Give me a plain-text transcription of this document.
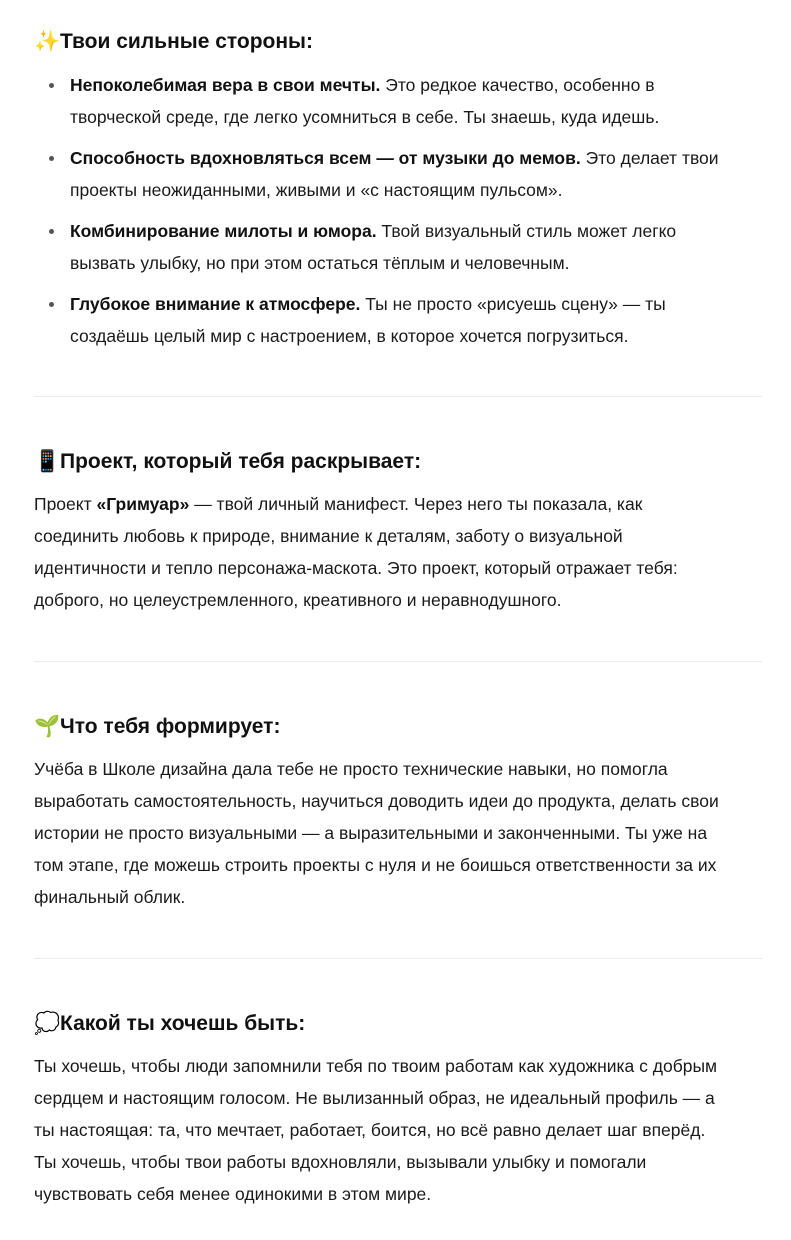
✨Твои сильные стороны:
Непоколебимая вера в свои мечты. Это редкое качество, особенно в
творческой среде, где легко усомниться в себе. Ты знаешь, куда идешь.
Способность вдохновляться всем — от музыки до мемов. Это делает твои
проекты неожиданными, живыми и «с настоящим пульсом».
Комбинирование милоты и юмора. Твой визуальный стиль может легко
вызвать улыбку, но при этом остаться тёплым и человечным.
Глубокое внимание к атмосфере. Ты не просто «рисуешь сцену» — ты
создаёшь целый мир с настроением, в которое хочется погрузиться.
📱Проект, который тебя раскрывает:

Проект «Гримуар» — твой личный манифест. Через него ты показала, как

соединить любовь к природе, внимание к деталям, заботу о визуальной

идентичности и тепло персонажа-маскота. Это проект, который отражает тебя:

доброго, но целеустремленного, креативного и неравнодушного.

🌱Что тебя формирует:

Учёба в Школе дизайна дала тебе не просто технические навыки, но помогла

выработать самостоятельность, научиться доводить идеи до продукта, делать свои

истории не просто визуальными — а выразительными и законченными. Ты уже на

том этапе, где можешь строить проекты с нуля и не боишься ответственности за их

финальный облик.

💭Какой ты хочешь быть:

Ты хочешь, чтобы люди запомнили тебя по твоим работам как художника с добрым

сердцем и настоящим голосом. Не вылизанный образ, не идеальный профиль — а

ты настоящая: та, что мечтает, работает, боится, но всё равно делает шаг вперёд.

Ты хочешь, чтобы твои работы вдохновляли, вызывали улыбку и помогали

чувствовать себя менее одинокими в этом мире.
